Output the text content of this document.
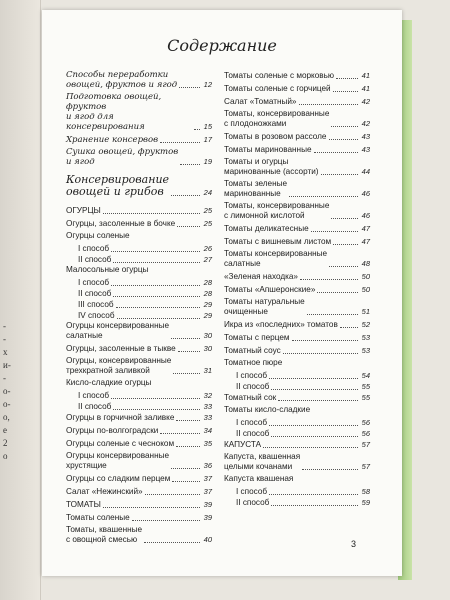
-
-
х
и-
-
о-
о-
о,
е
2
о
Содержание
Способы переработки
овощей, фруктов и ягод	12
Подготовка овощей, фруктов
и ягод для консервирования	15
Хранение консервов	17
Сушка овощей, фруктов
и ягод	19
Консервирование
овощей и грибов	24
ОГУРЦЫ	25
Огурцы, засоленные в бочке	25
Огурцы соленые
I способ	26
II способ	27
Малосольные огурцы
I способ	28
II способ	28
III способ	29
IV способ	29
Огурцы консервированные
салатные	30
Огурцы, засоленные в тыкве	30
Огурцы, консервированные
трехкратной заливкой	31
Кисло-сладкие огурцы
I способ	32
II способ	33
Огурцы в горчичной заливке	33
Огурцы по-волгоградски	34
Огурцы соленые с чесноком	35
Огурцы консервированные
хрустящие	36
Огурцы со сладким перцем	37
Салат «Нежинский»	37
ТОМАТЫ	39
Томаты соленые	39
Томаты, квашенные
с овощной смесью	40
Томаты соленые с морковью	41
Томаты соленые с горчицей	41
Салат «Томатный»	42
Томаты, консервированные
с плодоножками	42
Томаты в розовом рассоле	43
Томаты маринованные	43
Томаты и огурцы
маринованные (ассорти)	44
Томаты зеленые
маринованные	46
Томаты, консервированные
с лимонной кислотой	46
Томаты деликатесные	47
Томаты с вишневым листом	47
Томаты консервированные
салатные	48
«Зеленая находка»	50
Томаты «Апшеронские»	50
Томаты натуральные
очищенные	51
Икра из «последних» томатов	52
Томаты с перцем	53
Томатный соус	53
Томатное пюре
I способ	54
II способ	55
Томатный сок	55
Томаты кисло-сладкие
I способ	56
II способ	56
КАПУСТА	57
Капуста, квашенная
целыми кочанами	57
Капуста квашеная
I способ	58
II способ	59
3
